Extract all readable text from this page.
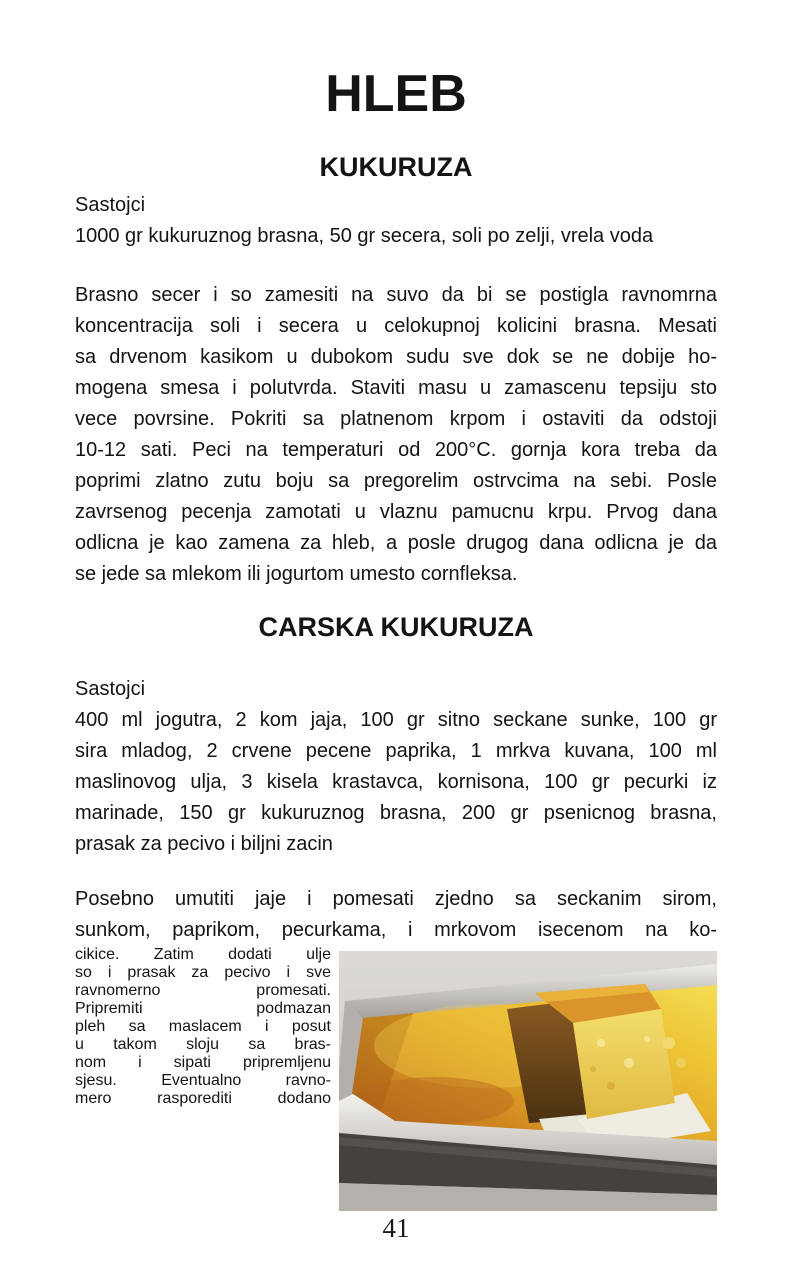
HLEB
KUKURUZA
Sastojci
1000 gr kukuruznog brasna, 50 gr secera, soli po zelji, vrela voda
Brasno secer i so zamesiti na suvo da bi se postigla ravnomrna
koncentracija soli i secera u celokupnoj kolicini brasna. Mesati
sa drvenom kasikom u dubokom sudu sve dok se ne dobije ho-
mogena smesa i polutvrda. Staviti masu u zamascenu tepsiju sto
vece povrsine. Pokriti sa platnenom krpom i ostaviti da odstoji
10-12 sati. Peci na temperaturi od 200°C. gornja kora treba da
poprimi zlatno zutu boju sa pregorelim ostrvcima na sebi. Posle
zavrsenog pecenja zamotati u vlaznu pamucnu krpu. Prvog dana
odlicna je kao zamena za hleb, a posle drugog dana odlicna je da
se jede sa mlekom ili jogurtom umesto cornfleksa.
CARSKA KUKURUZA
Sastojci
400 ml jogutra, 2 kom jaja, 100 gr sitno seckane sunke, 100 gr
sira mladog, 2 crvene pecene paprika, 1 mrkva kuvana, 100 ml
maslinovog ulja, 3 kisela krastavca, kornisona, 100 gr pecurki iz
marinade, 150 gr kukuruznog brasna, 200 gr psenicnog brasna,
prasak za pecivo i biljni zacin
Posebno umutiti jaje i pomesati zjedno sa seckanim sirom,
sunkom, paprikom, pecurkama, i mrkovom isecenom na ko-
cikice. Zatim dodati ulje
so i prasak za pecivo i sve
ravnomerno promesati.
Pripremiti podmazan
pleh sa maslacem i posut
u takom sloju sa bras-
nom i sipati pripremljenu
sjesu. Eventualno ravno-
mero rasporediti dodano
41
